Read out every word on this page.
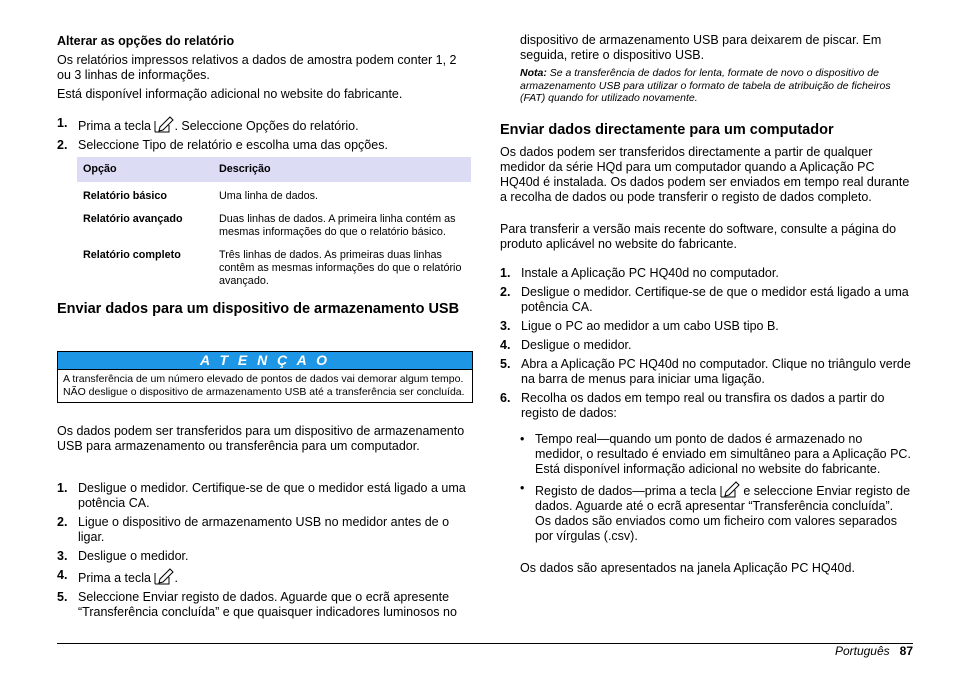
Alterar as opções do relatório

Os relatórios impressos relativos a dados de amostra podem conter 1, 2 ou 3 linhas de informações.

Está disponível informação adicional no website do fabricante.

1. Prima a tecla . Seleccione Opções do relatório.
2. Seleccione Tipo de relatório e escolha uma das opções.
Opção	Descrição
Relatório básico	Uma linha de dados.
Relatório avançado	Duas linhas de dados. A primeira linha contém as mesmas informações do que o relatório básico.
Relatório completo	Três linhas de dados. As primeiras duas linhas contêm as mesmas informações do que o relatório avançado.
Enviar dados para um dispositivo de armazenamento USB
A T E N Ç A O
A transferência de um número elevado de pontos de dados vai demorar algum tempo. NÃO desligue o dispositivo de armazenamento USB até a transferência ser concluída.

Os dados podem ser transferidos para um dispositivo de armazenamento USB para armazenamento ou transferência para um computador.

1. Desligue o medidor. Certifique-se de que o medidor está ligado a uma potência CA.
2. Ligue o dispositivo de armazenamento USB no medidor antes de o ligar.
3. Desligue o medidor.
4. Prima a tecla .
5. Seleccione Enviar registo de dados. Aguarde que o ecrã apresente “Transferência concluída” e que quaisquer indicadores luminosos no

dispositivo de armazenamento USB para deixarem de piscar. Em seguida, retire o dispositivo USB.

Nota: Se a transferência de dados for lenta, formate de novo o dispositivo de armazenamento USB para utilizar o formato de tabela de atribuição de ficheiros (FAT) quando for utilizado novamente.

Enviar dados directamente para um computador

Os dados podem ser transferidos directamente a partir de qualquer medidor da série HQd para um computador quando a Aplicação PC HQ40d é instalada. Os dados podem ser enviados em tempo real durante a recolha de dados ou pode transferir o registo de dados completo.

Para transferir a versão mais recente do software, consulte a página do produto aplicável no website do fabricante.

1. Instale a Aplicação PC HQ40d no computador.
2. Desligue o medidor. Certifique-se de que o medidor está ligado a uma potência CA.
3. Ligue o PC ao medidor a um cabo USB tipo B.
4. Desligue o medidor.
5. Abra a Aplicação PC HQ40d no computador. Clique no triângulo verde na barra de menus para iniciar uma ligação.
6. Recolha os dados em tempo real ou transfira os dados a partir do registo de dados:
• Tempo real—quando um ponto de dados é armazenado no medidor, o resultado é enviado em simultâneo para a Aplicação PC.
Está disponível informação adicional no website do fabricante.
• Registo de dados—prima a tecla  e seleccione Enviar registo de dados. Aguarde até o ecrã apresentar “Transferência concluída”. Os dados são enviados como um ficheiro com valores separados por vírgulas (.csv).

Os dados são apresentados na janela Aplicação PC HQ40d.

Português 87
